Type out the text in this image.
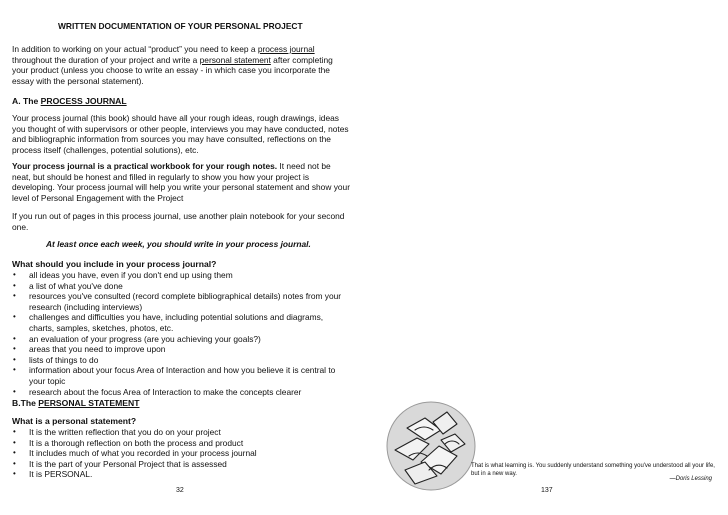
WRITTEN DOCUMENTATION OF YOUR PERSONAL PROJECT

In addition to working on your actual “product” you need to keep a process journal throughout the duration of your project and write a personal statement after completing your product (unless you choose to write an essay - in which case you incorporate the essay with the personal statement).

A. The PROCESS JOURNAL

Your process journal (this book) should have all your rough ideas, rough drawings, ideas you thought of with supervisors or other people, interviews you may have conducted, notes and bibliographic information from sources you may have consulted, reflections on the process itself (challenges, potential solutions), etc.

Your process journal is a practical workbook for your rough notes. It need not be neat, but should be honest and filled in regularly to show you how your project is developing. Your process journal will help you write your personal statement and show your level of Personal Engagement with the Project

If you run out of pages in this process journal, use another plain notebook for your second one.

At least once each week, you should write in your process journal.

What should you include in your process journal?

• all ideas you have, even if you don't end up using them
• a list of what you've done
• resources you've consulted (record complete bibliographical details) notes from your research (including interviews)
• challenges and difficulties you have, including potential solutions and diagrams, charts, samples, sketches, photos, etc.
• an evaluation of your progress (are you achieving your goals?)
• areas that you need to improve upon
• lists of things to do
• information about your focus Area of Interaction and how you believe it is central to your topic
• research about the focus Area of Interaction to make the concepts clearer

B.The PERSONAL STATEMENT

What is a personal statement?

• It is the written reflection that you do on your project
• It is a thorough reflection on both the process and product
• It includes much of what you recorded in your process journal
• It is the part of your Personal Project that is assessed
• It is PERSONAL.
32
That is what learning is. You suddenly understand something you've understood all your life, but in a new way.
—Doris Lessing
137
